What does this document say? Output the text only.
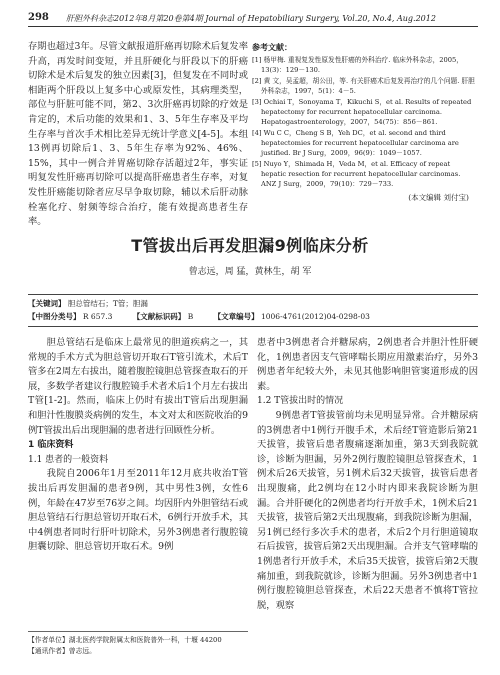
298 肝胆外科杂志2012年8月第20卷第4期 Journal of Hepatobiliary Surgery, Vol.20, No.4, Aug.2012

存期也超过3年。尽管文献报道肝癌再切除术后复发率升高，再发时间变短，并且肝硬化与肝段以下的肝癌切除术是术后复发的独立因素[3]，但复发在不同时或相距两个肝段以上复多中心或原发性，其病理类型，部位与肝脏可能不同，第2、3次肝癌再切除的疗效是肯定的，术后功能的效果和1、3、5年生存率及平均生存率与首次手术相比差异无统计学意义[4-5]。本组13例再切除后1、3、5年生存率为92%、46%、15%，其中一例合并胃癌切除存活超过2年，事实证明复发性肝癌再切除可以提高肝癌患者生存率，对复发性肝癌能切除者应尽早争取切除，辅以术后肝动脉栓塞化疗、射频等综合治疗，能有效提高患者生存率。

参考文献：
[1] 杨甲梅. 重视复发性原发性肝癌的外科治疗. 临床外科杂志，2005，13(3)：129－130.
[2] 黄 文，吴孟超，胡公田，等. 有关肝癌术后复发再治疗的几个问题. 肝胆外科杂志，1997，5(1)：4－5.
[3] Ochiai T，Sonoyama T，Kikuchi S，et al. Results of repeated hepatectomy for recurrent hepatocellular carcinoma. Hepatogastroenterology，2007，54(75)：856－861.
[4] Wu C C，Cheng S B，Yeh DC，et al. second and third hepatectomies for recurrent hepatocellular carcinoma are justified. Br J Surg，2009，96(9)：1049－1057.
[5] Nuyo Y，Shimada H，Veda M，et al. Efficacy of repeat hepatic resection for recurrent hepatocellular carcinomas. ANZ J Surg，2009，79(10)：729－733.
(本文编辑 刘付宝)
T管拔出后再发胆漏9例临床分析
曾志远，周 猛，黄林生，胡 军
【关键词】 胆总管结石；T管；胆漏
【中图分类号】 R 657.3	【文献标识码】 B	【文章编号】 1006-4761(2012)04-0298-03

胆总管结石是临床上最常见的胆道疾病之一，其常规的手术方式为胆总管切开取石T管引流术，术后T管多在2周左右拔出，随着腹腔镜胆总管探查取石的开展，多数学者建议行腹腔镜手术者术后1个月左右拔出T管[1-2]。然而，临床上仍时有拔出T管后出现胆漏和胆汁性腹膜炎病例的发生，本文对太和医院收治的9例T管拔出后出现胆漏的患者进行回顾性分析。

1 临床资料

1.1 患者的一般资料

我院自2006年1月至2011年12月底共收治T管拔出后再发胆漏的患者9例，其中男性3例，女性6例，年龄在47岁至76岁之间。均因肝内外胆管结石或胆总管结石行胆总管切开取石术，6例行开放手术，其中4例患者同时行肝叶切除术，另外3例患者行腹腔镜胆囊切除、胆总管切开取石术。9例

患者中3例患者合并糖尿病，2例患者合并胆汁性肝硬化，1例患者因支气管哮喘长期应用激素治疗，另外3例患者年纪较大外，未见其他影响胆管窦道形成的因素。

1.2 T管拔出时的情况

9例患者T管拔管前均未见明显异常。合并糖尿病的3例患者中1例行开腹手术，术后经T管造影后第21天拔管，拔管后患者腹痛逐渐加重，第3天到我院就诊，诊断为胆漏，另外2例行腹腔镜胆总管探查术，1例术后26天拔管，另1例术后32天拔管，拔管后患者出现腹痛，此2例均在12小时内即来我院诊断为胆漏。合并肝硬化的2例患者均行开放手术，1例术后21天拔管，拔管后第2天出现腹痛，到我院诊断为胆漏，另1例已经行多次手术的患者，术后2个月行胆道镜取石后拔管，拔管后第2天出现胆漏。合并支气管哮喘的1例患者行开放手术，术后35天拔管，拔管后第2天腹痛加重，到我院就诊，诊断为胆漏。另外3例患者中1例行腹腔镜胆总管探查，术后22天患者不慎将T管拉脱，观察

【作者单位】湖北医药学院附属太和医院普外一科，十堰 44200
【通讯作者】曾志远。
